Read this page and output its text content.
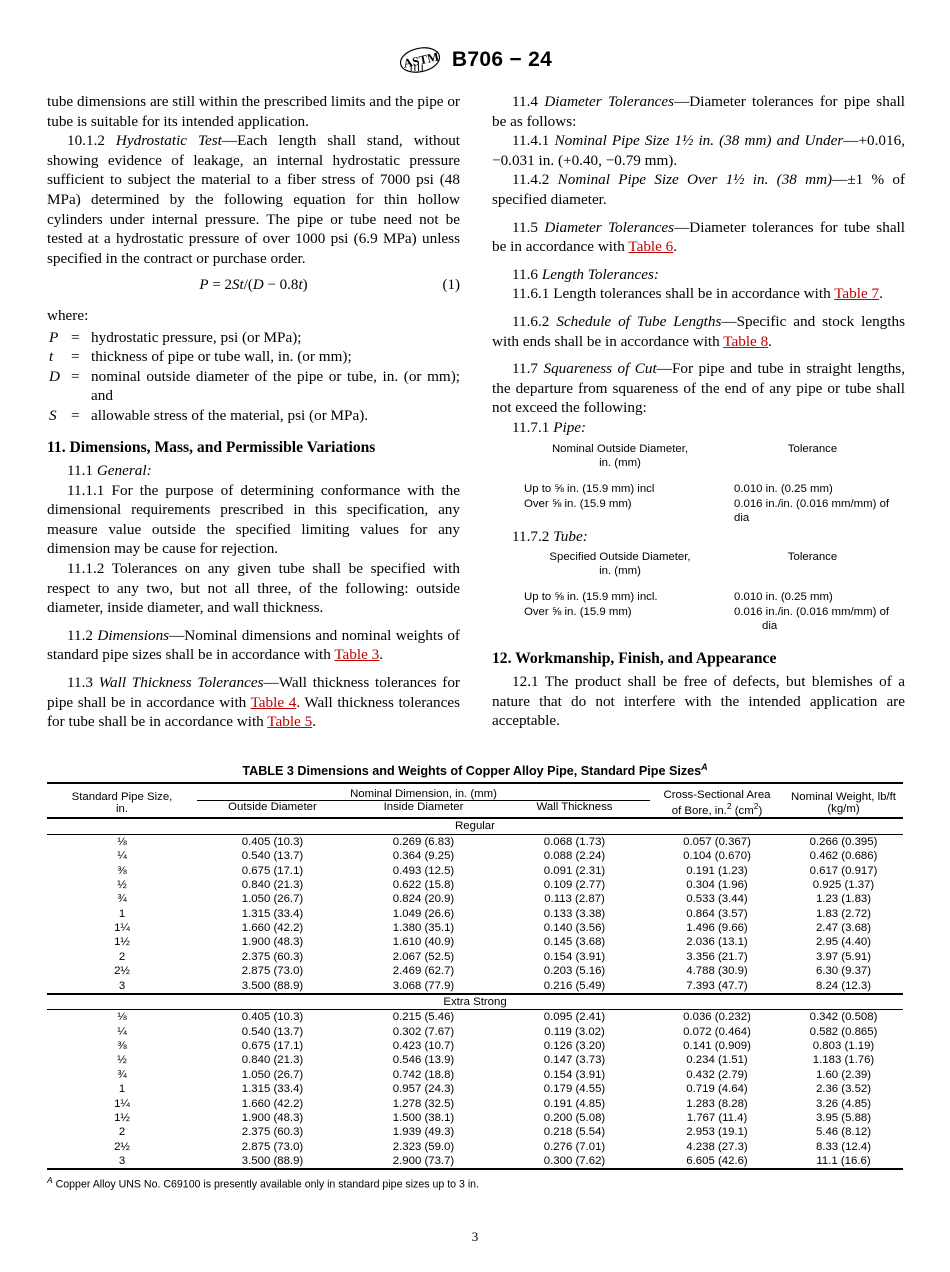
ASTM B706 − 24

tube dimensions are still within the prescribed limits and the pipe or tube is suitable for its intended application.

10.1.2 Hydrostatic Test—Each length shall stand, without showing evidence of leakage, an internal hydrostatic pressure sufficient to subject the material to a fiber stress of 7000 psi (48 MPa) determined by the following equation for thin hollow cylinders under internal pressure. The pipe or tube need not be tested at a hydrostatic pressure of over 1000 psi (6.9 MPa) unless specified in the contract or purchase order.

P = 2St/(D − 0.8t)	(1)

where:

P	=	hydrostatic pressure, psi (or MPa);
t	=	thickness of pipe or tube wall, in. (or mm);
D	=	nominal outside diameter of the pipe or tube, in. (or mm); and
S	=	allowable stress of the material, psi (or MPa).
11. Dimensions, Mass, and Permissible Variations

11.1 General:

11.1.1 For the purpose of determining conformance with the dimensional requirements prescribed in this specification, any measure value outside the specified limiting values for any dimension may be cause for rejection.

11.1.2 Tolerances on any given tube shall be specified with respect to any two, but not all three, of the following: outside diameter, inside diameter, and wall thickness.

11.2 Dimensions—Nominal dimensions and nominal weights of standard pipe sizes shall be in accordance with Table 3.

11.3 Wall Thickness Tolerances—Wall thickness tolerances for pipe shall be in accordance with Table 4. Wall thickness tolerances for tube shall be in accordance with Table 5.

11.4 Diameter Tolerances—Diameter tolerances for pipe shall be as follows:

11.4.1 Nominal Pipe Size 1½ in. (38 mm) and Under—+0.016, −0.031 in. (+0.40, −0.79 mm).

11.4.2 Nominal Pipe Size Over 1½ in. (38 mm)—±1 % of specified diameter.

11.5 Diameter Tolerances—Diameter tolerances for tube shall be in accordance with Table 6.

11.6 Length Tolerances:

11.6.1 Length tolerances shall be in accordance with Table 7.

11.6.2 Schedule of Tube Lengths—Specific and stock lengths with ends shall be in accordance with Table 8.

11.7 Squareness of Cut—For pipe and tube in straight lengths, the departure from squareness of the end of any pipe or tube shall not exceed the following:

11.7.1 Pipe:

Nominal Outside Diameter,
in. (mm)	Tolerance
Up to ⅝ in. (15.9 mm) incl	0.010 in. (0.25 mm)
Over ⅝ in. (15.9 mm)	0.016 in./in. (0.016 mm/mm) of dia

11.7.2 Tube:

Specified Outside Diameter,
in. (mm)	Tolerance
Up to ⅝ in. (15.9 mm) incl.	0.010 in. (0.25 mm)
Over ⅝ in. (15.9 mm)	0.016 in./in. (0.016 mm/mm) of
dia
12. Workmanship, Finish, and Appearance

12.1 The product shall be free of defects, but blemishes of a nature that do not interfere with the intended application are acceptable.

TABLE 3 Dimensions and Weights of Copper Alloy Pipe, Standard Pipe Sizes$^A$
Standard Pipe Size,
in.	Nominal Dimension, in. (mm)			Cross-Sectional Area
of Bore, in.$^2$ $(cm^2)$	Nominal Weight, lb/ft
(kg/m)
	Outside Diameter	Inside Diameter	Wall Thickness		
Regular					
⅛	0.405 (10.3)	0.269 (6.83)	0.068 (1.73)	0.057 (0.367)	0.266 (0.395)
¼	0.540 (13.7)	0.364 (9.25)	0.088 (2.24)	0.104 (0.670)	0.462 (0.686)
⅜	0.675 (17.1)	0.493 (12.5)	0.091 (2.31)	0.191 (1.23)	0.617 (0.917)
½	0.840 (21.3)	0.622 (15.8)	0.109 (2.77)	0.304 (1.96)	0.925 (1.37)
¾	1.050 (26.7)	0.824 (20.9)	0.113 (2.87)	0.533 (3.44)	1.23 (1.83)
1	1.315 (33.4)	1.049 (26.6)	0.133 (3.38)	0.864 (3.57)	1.83 (2.72)
1¼	1.660 (42.2)	1.380 (35.1)	0.140 (3.56)	1.496 (9.66)	2.47 (3.68)
1½	1.900 (48.3)	1.610 (40.9)	0.145 (3.68)	2.036 (13.1)	2.95 (4.40)
2	2.375 (60.3)	2.067 (52.5)	0.154 (3.91)	3.356 (21.7)	3.97 (5.91)
2½	2.875 (73.0)	2.469 (62.7)	0.203 (5.16)	4.788 (30.9)	6.30 (9.37)
3	3.500 (88.9)	3.068 (77.9)	0.216 (5.49)	7.393 (47.7)	8.24 (12.3)
Extra Strong					
⅛	0.405 (10.3)	0.215 (5.46)	0.095 (2.41)	0.036 (0.232)	0.342 (0.508)
¼	0.540 (13.7)	0.302 (7.67)	0.119 (3.02)	0.072 (0.464)	0.582 (0.865)
⅜	0.675 (17.1)	0.423 (10.7)	0.126 (3.20)	0.141 (0.909)	0.803 (1.19)
½	0.840 (21.3)	0.546 (13.9)	0.147 (3.73)	0.234 (1.51)	1.183 (1.76)
¾	1.050 (26.7)	0.742 (18.8)	0.154 (3.91)	0.432 (2.79)	1.60 (2.39)
1	1.315 (33.4)	0.957 (24.3)	0.179 (4.55)	0.719 (4.64)	2.36 (3.52)
1¼	1.660 (42.2)	1.278 (32.5)	0.191 (4.85)	1.283 (8.28)	3.26 (4.85)
1½	1.900 (48.3)	1.500 (38.1)	0.200 (5.08)	1.767 (11.4)	3.95 (5.88)
2	2.375 (60.3)	1.939 (49.3)	0.218 (5.54)	2.953 (19.1)	5.46 (8.12)
2½	2.875 (73.0)	2.323 (59.0)	0.276 (7.01)	4.238 (27.3)	8.33 (12.4)
3	3.500 (88.9)	2.900 (73.7)	0.300 (7.62)	6.605 (42.6)	11.1 (16.6)
$^A$ Copper Alloy UNS No. C69100 is presently available only in standard pipe sizes up to 3 in.
3
